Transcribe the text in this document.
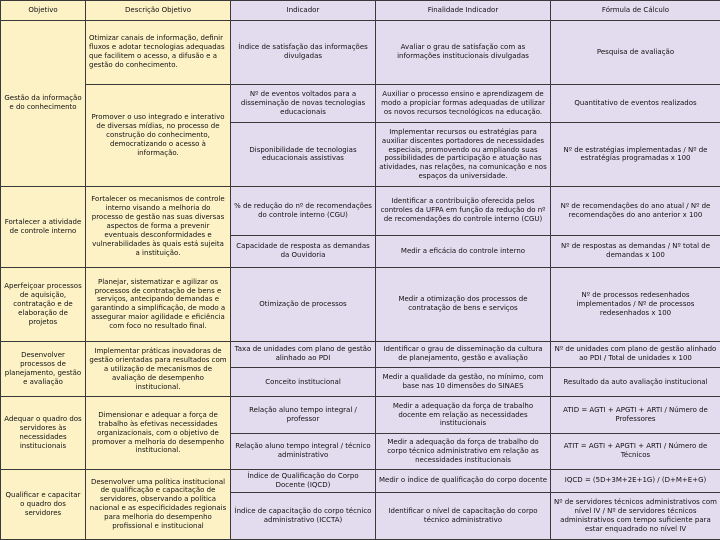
Objetivo	Descrição Objetivo	Indicador	Finalidade Indicador	Fórmula de Cálculo
Gestão da informação e do conhecimento	Otimizar canais de informação, definir fluxos e adotar tecnologias adequadas que facilitem o acesso, a difusão e a gestão do conhecimento.	Índice de satisfação das informações divulgadas	Avaliar o grau de satisfação com as informações institucionais divulgadas	Pesquisa de avaliação
	Promover o uso integrado e interativo de diversas mídias, no processo de construção do conhecimento, democratizando o acesso à informação.	Nº de eventos voltados para a disseminação de novas tecnologias educacionais	Auxiliar o processo ensino e aprendizagem de modo a propiciar formas adequadas de utilizar os novos recursos tecnológicos na educação.	Quantitativo de eventos realizados
		Disponibilidade de tecnologias educacionais assistivas	Implementar recursos ou estratégias para auxiliar discentes portadores de necessidades especiais, promovendo ou ampliando suas possibilidades de participação e atuação nas atividades, nas relações, na comunicação e nos espaços da universidade.	Nº de estratégias implementadas / Nº de estratégias programadas x 100
Fortalecer a atividade de controle interno	Fortalecer os mecanismos de controle interno visando a melhoria do processo de gestão nas suas diversas aspectos de forma a prevenir eventuais desconformidades e vulnerabilidades às quais está sujeita a instituição.	% de redução do nº de recomendações do controle interno (CGU)	Identificar a contribuição oferecida pelos controles da UFPA em função da redução do nº de recomendações do controle interno (CGU)	Nº de recomendações do ano atual / Nº de recomendações do ano anterior x 100
		Capacidade de resposta as demandas da Ouvidoria	Medir a eficácia do controle interno	Nº de respostas as demandas / Nº total de demandas x 100
Aperfeiçoar processos de aquisição, contratação e de elaboração de projetos	Planejar, sistematizar e agilizar os processos de contratação de bens e serviços, antecipando demandas e garantindo a simplificação, de modo a assegurar maior agilidade e eficiência com foco no resultado final.	Otimização de processos	Medir a otimização dos processos de contratação de bens e serviços	Nº de processos redesenhados implementados / Nº de processos redesenhados x 100
Desenvolver processos de planejamento, gestão e avaliação	Implementar práticas inovadoras de gestão orientadas para resultados com a utilização de mecanismos de avaliação de desempenho institucional.	Taxa de unidades com plano de gestão alinhado ao PDI	Identificar o grau de disseminação da cultura de planejamento, gestão e avaliação	Nº de unidades com plano de gestão alinhado ao PDI / Total de unidades x 100
		Conceito institucional	Medir a qualidade da gestão, no mínimo, com base nas 10 dimensões do SINAES	Resultado da auto avaliação institucional
Adequar o quadro dos servidores às necessidades institucionais	Dimensionar e adequar a força de trabalho às efetivas necessidades organizacionais, com o objetivo de promover a melhoria do desempenho institucional.	Relação aluno tempo integral / professor	Medir a adequação da força de trabalho docente em relação as necessidades institucionais	ATID = AGTI + APGTI + ARTI / Número de Professores
		Relação aluno tempo integral / técnico administrativo	Medir a adequação da força de trabalho do corpo técnico administrativo em relação as necessidades institucionais	ATIT = AGTI + APGTI + ARTI / Número de Técnicos
Qualificar e capacitar o quadro dos servidores	Desenvolver uma política institucional de qualificação e capacitação de servidores, observando a política nacional e as especificidades regionais para melhoria do desempenho profissional e institucional	Índice de Qualificação do Corpo Docente (IQCD)	Medir o índice de qualificação do corpo docente	IQCD = (5D+3M+2E+1G) / (D+M+E+G)
		Índice de capacitação do corpo técnico administrativo (ICCTA)	Identificar o nível de capacitação do corpo técnico administrativo	Nº de servidores técnicos administrativos com nível IV / Nº de servidores técnicos administrativos com tempo suficiente para estar enquadrado no nível IV
